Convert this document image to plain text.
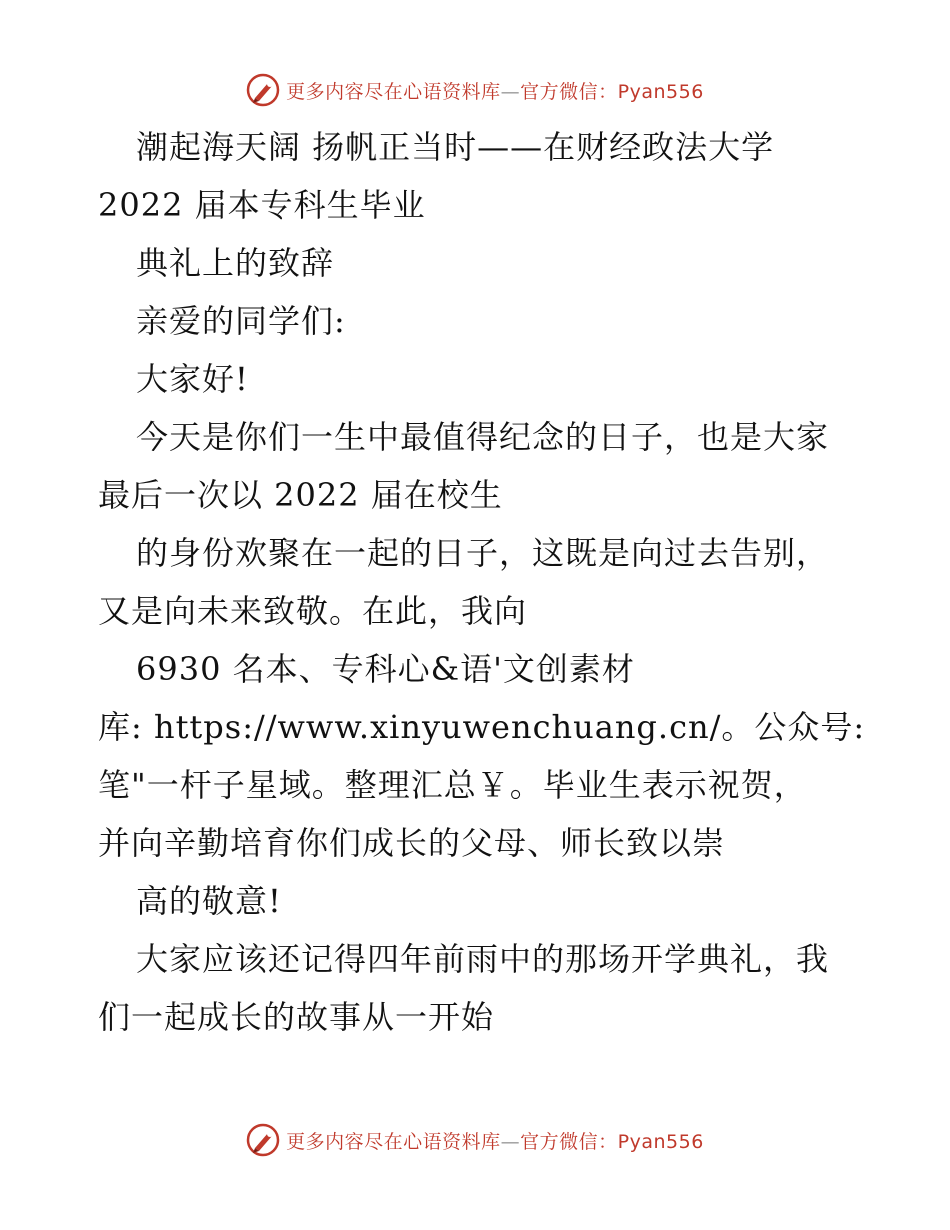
更多内容尽在心语资料库—官方微信：Pyan556
潮起海天阔 扬帆正当时——在财经政法大学
2022 届本专科生毕业
典礼上的致辞
亲爱的同学们:
大家好!
今天是你们一生中最值得纪念的日子，也是大家
最后一次以 2022 届在校生
的身份欢聚在一起的日子，这既是向过去告别，
又是向未来致敬。在此，我向
6930 名本、专科心&语'文创素材
库: https://www.xinyuwenchuang.cn/。公众号:
笔"一杆子星域。整理汇总￥。毕业生表示祝贺，
并向辛勤培育你们成长的父母、师长致以崇
高的敬意!
大家应该还记得四年前雨中的那场开学典礼，我
们一起成长的故事从一开始
更多内容尽在心语资料库—官方微信：Pyan556
